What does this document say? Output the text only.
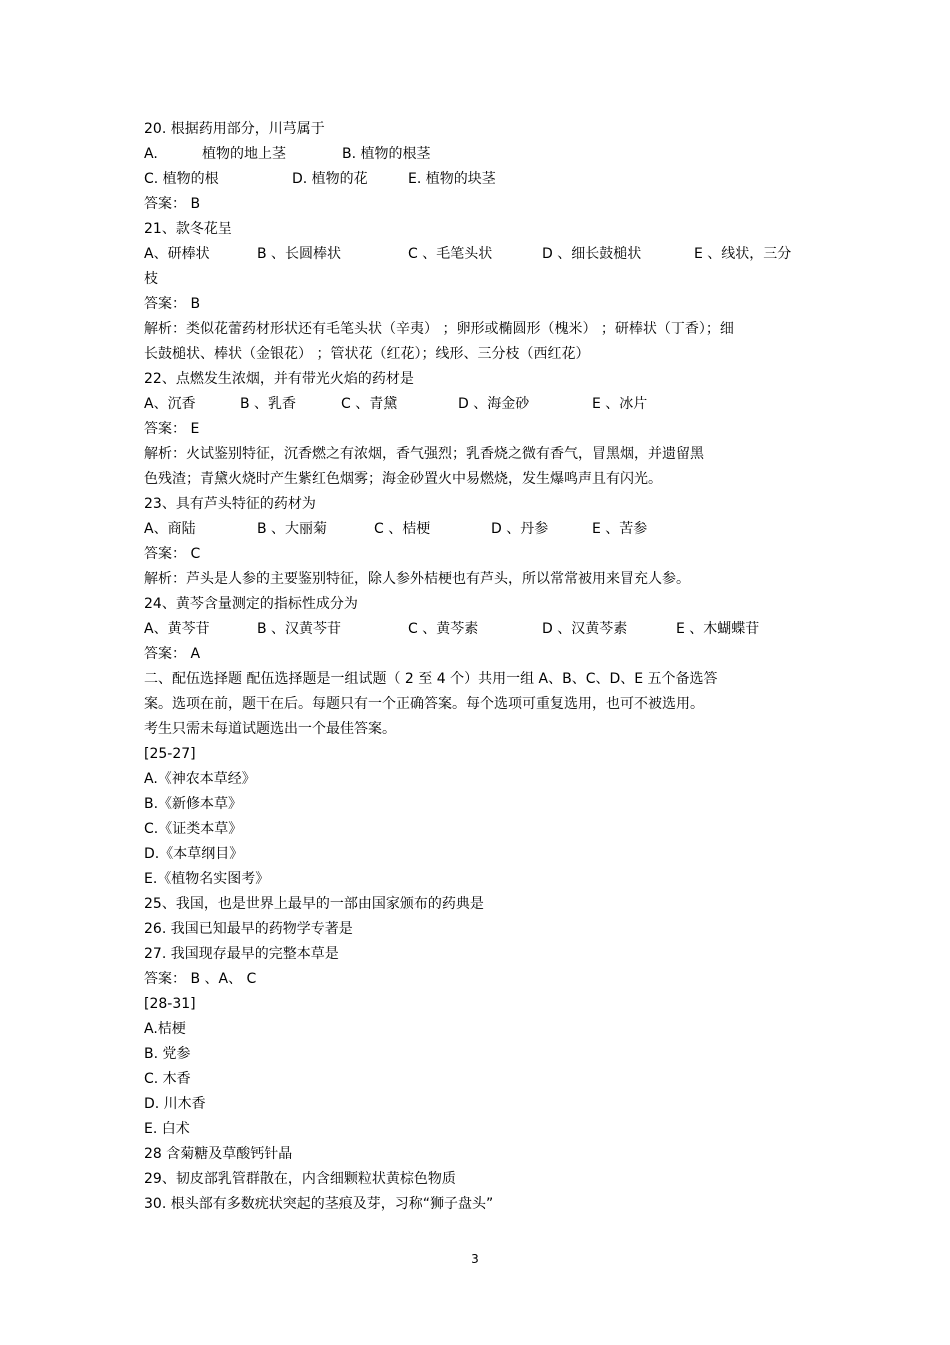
20. 根据药用部分，川芎属于
A.	植物的地上茎	B. 植物的根茎
C. 植物的根	D. 植物的花	E. 植物的块茎
答案： B
21、款冬花呈
A、研棒状	B 、长圆棒状	C 、毛笔头状	D 、细长鼓槌状	E 、线状，三分
枝
答案： B
解析：类似花蕾药材形状还有毛笔头状（辛夷） ；卵形或椭圆形（槐米） ；研棒状（丁香）；细
长鼓槌状、棒状（金银花） ；管状花（红花）；线形、三分枝（西红花）
22、点燃发生浓烟，并有带光火焰的药材是
A、沉香	B 、乳香	C 、青黛	D 、海金砂	E 、冰片
答案： E
解析：火试鉴别特征，沉香燃之有浓烟，香气强烈；乳香烧之微有香气，冒黑烟，并遗留黑
色残渣；青黛火烧时产生紫红色烟雾；海金砂置火中易燃烧，发生爆鸣声且有闪光。
23、具有芦头特征的药材为
A、商陆	B 、大丽菊	C 、桔梗	D 、丹参	E 、苦参
答案： C
解析：芦头是人参的主要鉴别特征，除人参外桔梗也有芦头，所以常常被用来冒充人参。
24、黄芩含量测定的指标性成分为
A、黄芩苷	B 、汉黄芩苷	C 、黄芩素	D 、汉黄芩素	E 、木蝴蝶苷
答案： A
二、配伍选择题 配伍选择题是一组试题（ 2 至 4 个）共用一组 A、B、C、D、E 五个备选答
案。选项在前，题干在后。每题只有一个正确答案。每个选项可重复选用，也可不被选用。
考生只需未每道试题选出一个最佳答案。
[25-27]
A.《神农本草经》
B.《新修本草》
C.《证类本草》
D.《本草纲目》
E.《植物名实图考》
25、我国，也是世界上最早的一部由国家颁布的药典是
26. 我国已知最早的药物学专著是
27. 我国现存最早的完整本草是
答案： B 、A、 C
[28-31]
A.桔梗
B. 党参
C. 木香
D. 川木香
E. 白术
28 含菊糖及草酸钙针晶
29、韧皮部乳管群散在，内含细颗粒状黄棕色物质
30. 根头部有多数疣状突起的茎痕及芽，习称“狮子盘头”
3
